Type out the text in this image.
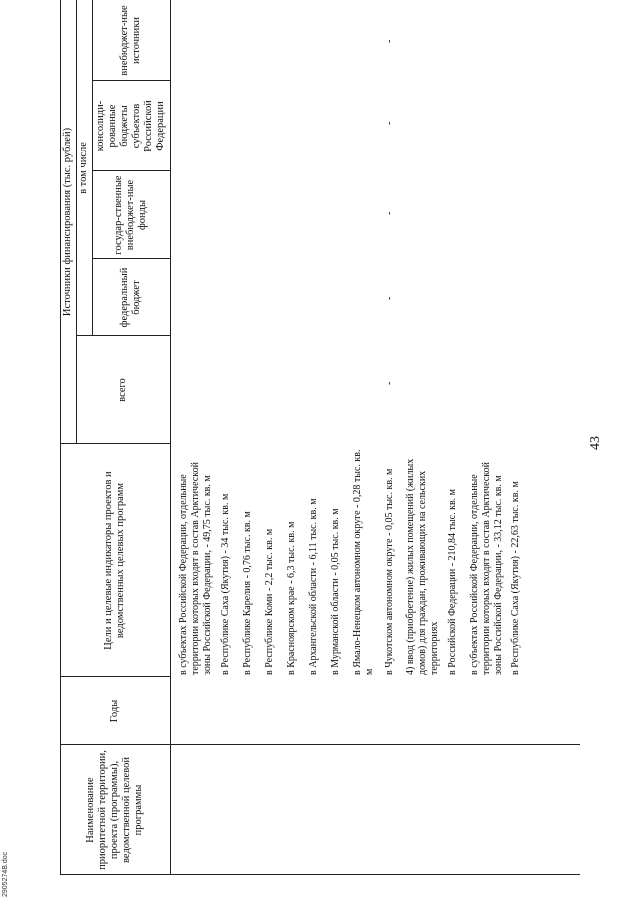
43
Наименование приоритетной территории, проекта (программы), ведомственной целевой программы
Годы
Цели и целевые индикаторы проектов и ведомственных целевых программ
Источники финансирования (тыс. рублей)
всего
в том числе
федеральный бюджет
государ-ственные внебюджет-ные фонды
консолиди-рованные бюджеты субъектов Российской Федерации
внебюджет-ные источники
в субъектах Российской Федерации, отдельные территории которых входят в состав Арктической зоны Российской Федерации, - 49,75 тыс. кв. м в Республике Саха (Якутия) - 34 тыс. кв. м в Республике Карелия - 0,76 тыс. кв. м в Республике Коми - 2,2 тыс. кв. м в Красноярском крае - 6,3 тыс. кв. м в Архангельской области - 6,11 тыс. кв. м в Мурманской области - 0,05 тыс. кв. м в Ямало-Ненецком автономном округе - 0,28 тыс. кв. м в Чукотском автономном округе - 0,05 тыс. кв. м 4) ввод (приобретение) жилых помещений (жилых домов) для граждан, проживающих на сельских территориях в Российской Федерации - 210,84 тыс. кв. м в субъектах Российской Федерации, отдельные территории которых входят в состав Арктической зоны Российской Федерации, - 33,12 тыс. кв. м в Республике Саха (Якутия) - 22,63 тыс. кв. м
-
-
-
-
-
2905274В.doc
